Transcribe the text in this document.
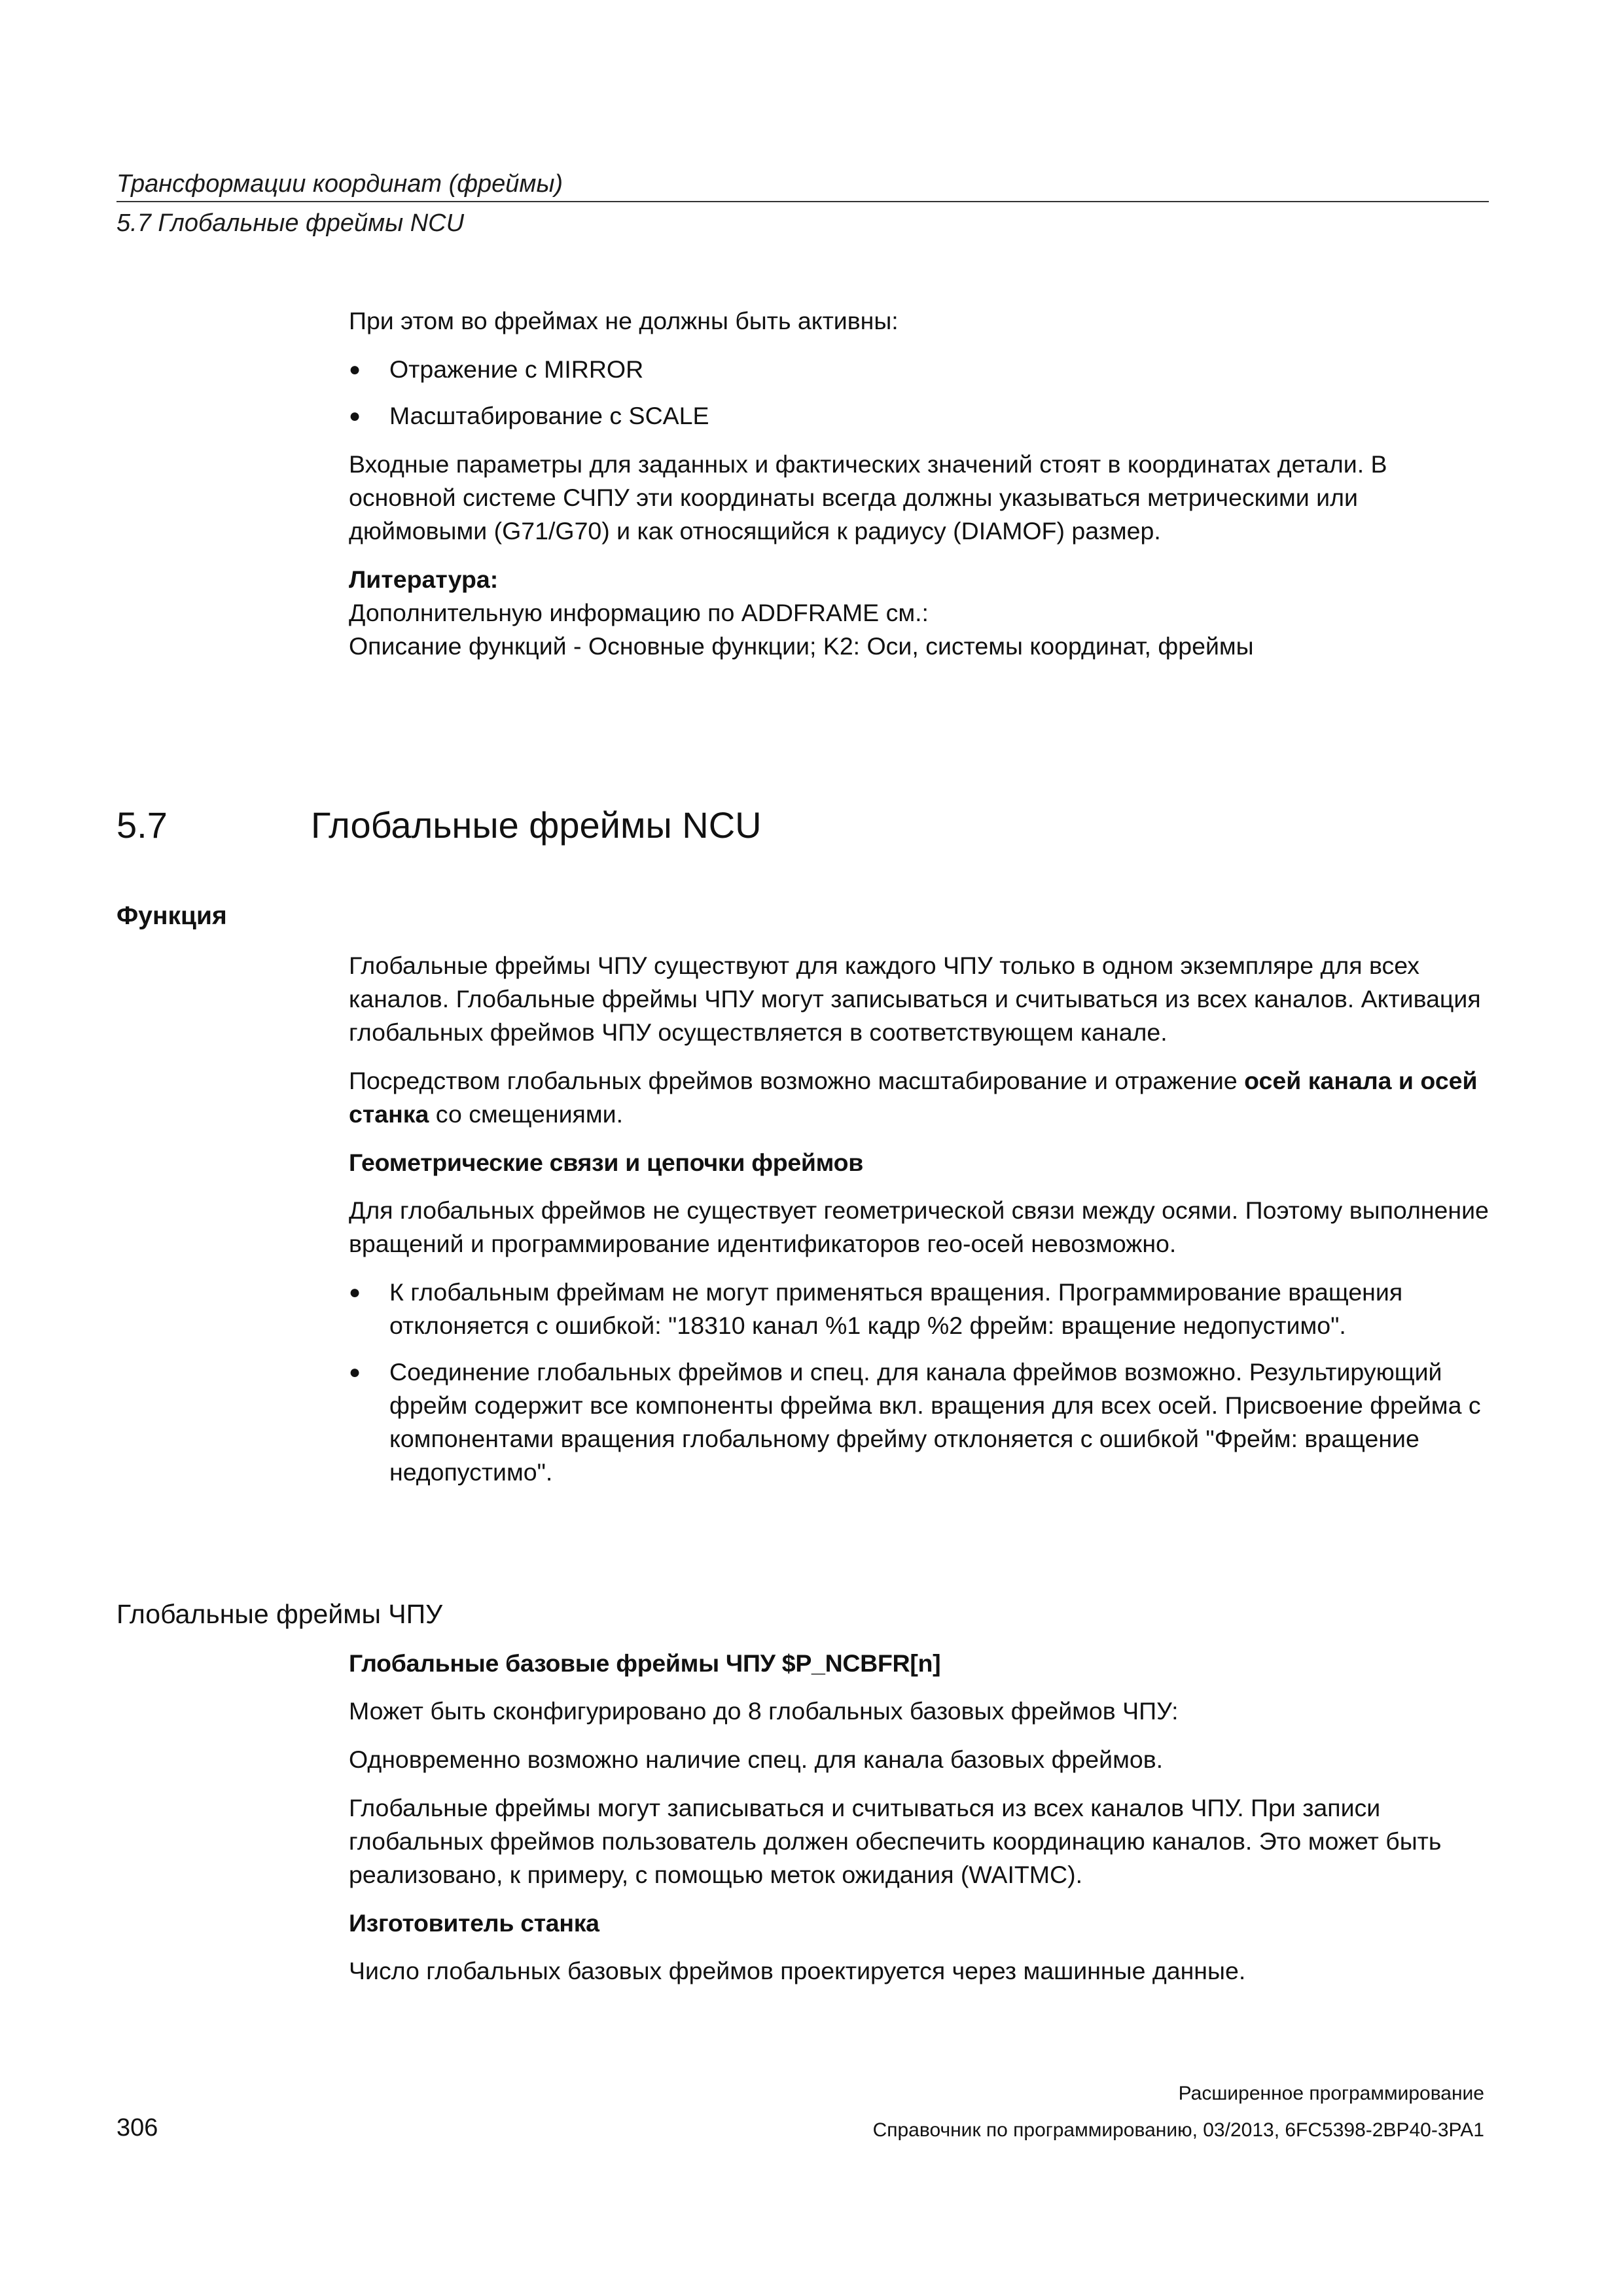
Трансформации координат (фреймы)
5.7 Глобальные фреймы NCU

При этом во фреймах не должны быть активны:

● Отражение с MIRROR
● Масштабирование с SCALE

Входные параметры для заданных и фактических значений стоят в координатах детали. В основной системе СЧПУ эти координаты всегда должны указываться метрическими или дюймовыми (G71/G70) и как относящийся к радиусу (DIAMOF) размер.

Литература:

Дополнительную информацию по ADDFRAME см.:

Описание функций - Основные функции; K2: Оси, системы координат, фреймы

5.7	Глобальные фреймы NCU
Функция

Глобальные фреймы ЧПУ существуют для каждого ЧПУ только в одном экземпляре для всех каналов. Глобальные фреймы ЧПУ могут записываться и считываться из всех каналов. Активация глобальных фреймов ЧПУ осуществляется в соответствующем канале.

Посредством глобальных фреймов возможно масштабирование и отражение осей канала и осей станка со смещениями.

Геометрические связи и цепочки фреймов

Для глобальных фреймов не существует геометрической связи между осями. Поэтому выполнение вращений и программирование идентификаторов гео-осей невозможно.

● К глобальным фреймам не могут применяться вращения. Программирование вращения отклоняется с ошибкой: "18310 канал %1 кадр %2 фрейм: вращение недопустимо".
● Соединение глобальных фреймов и спец. для канала фреймов возможно. Результирующий фрейм содержит все компоненты фрейма вкл. вращения для всех осей. Присвоение фрейма с компонентами вращения глобальному фрейму отклоняется с ошибкой "Фрейм: вращение недопустимо".
Глобальные фреймы ЧПУ
Глобальные базовые фреймы ЧПУ $P_NCBFR[n]

Может быть сконфигурировано до 8 глобальных базовых фреймов ЧПУ:

Одновременно возможно наличие спец. для канала базовых фреймов.

Глобальные фреймы могут записываться и считываться из всех каналов ЧПУ. При записи глобальных фреймов пользователь должен обеспечить координацию каналов. Это может быть реализовано, к примеру, с помощью меток ожидания (WAITMC).

Изготовитель станка

Число глобальных базовых фреймов проектируется через машинные данные.

Расширенное программирование
306	Справочник по программированию, 03/2013, 6FC5398-2BP40-3PA1
